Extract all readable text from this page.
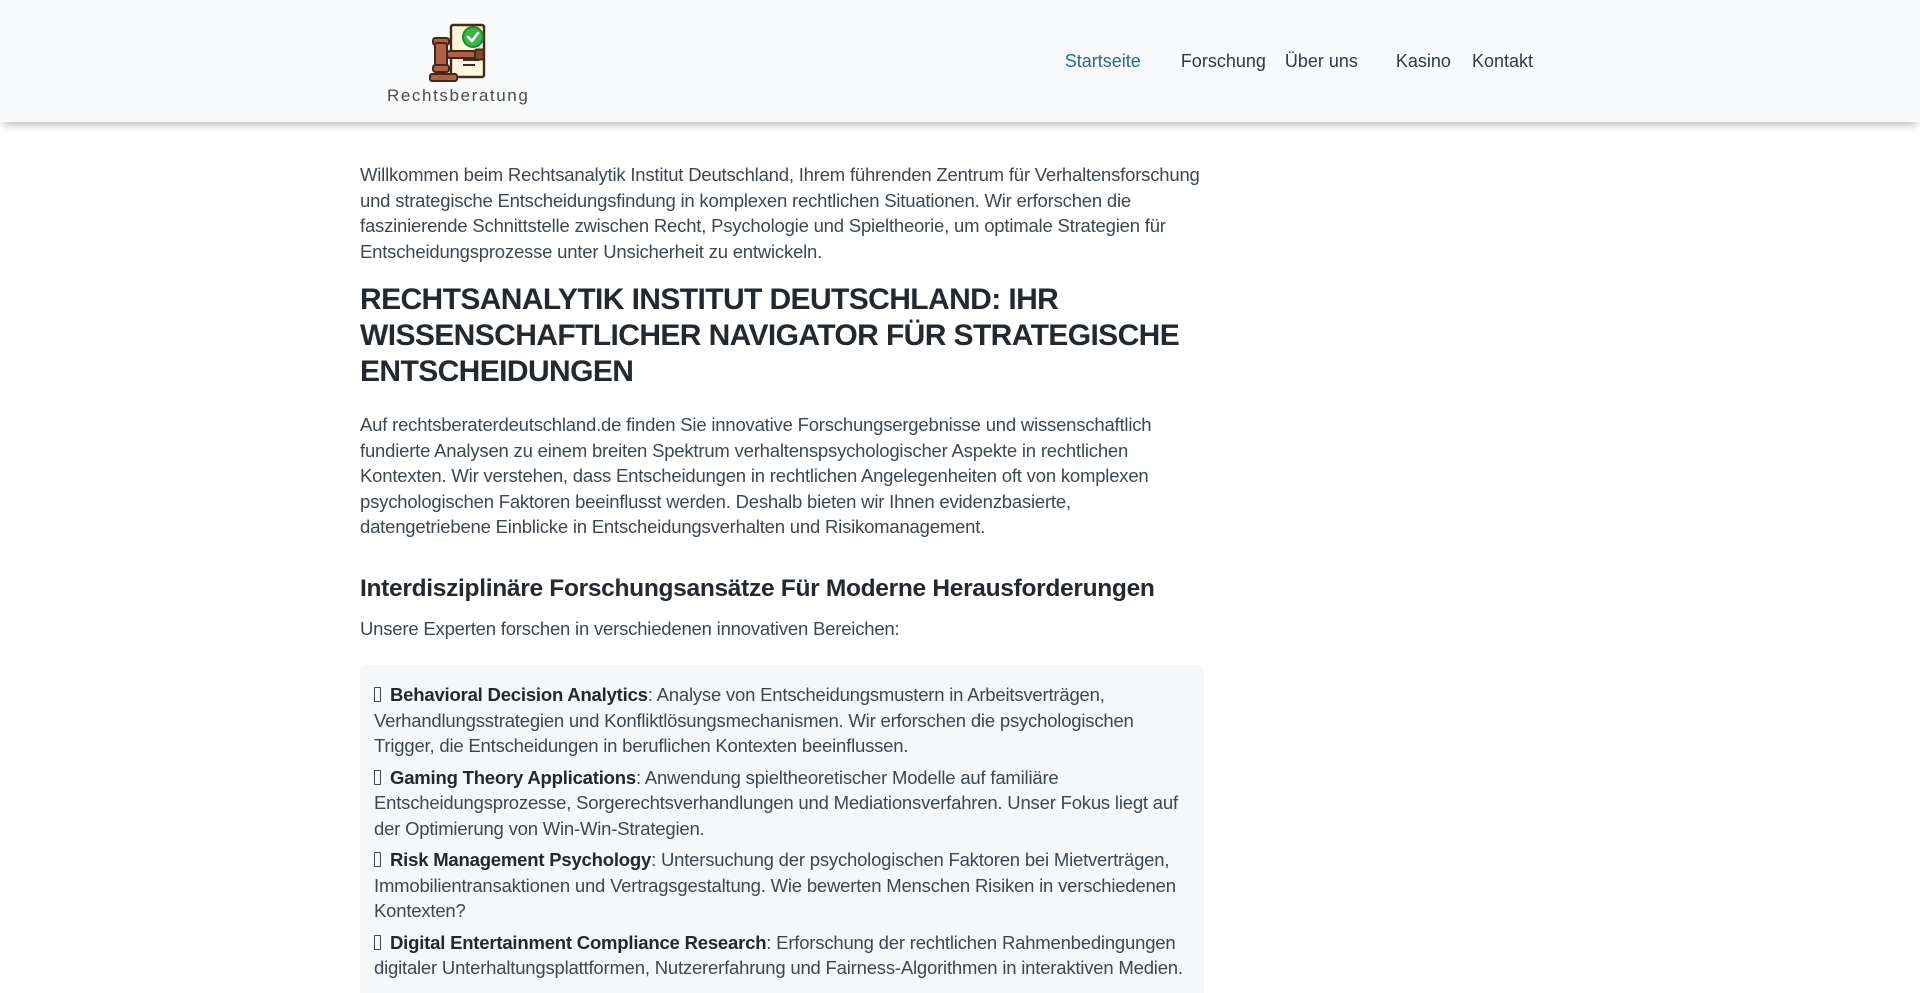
Rechtsberatung
Startseite Forschung Über uns Kasino Kontakt

Willkommen beim Rechtsanalytik Institut Deutschland, Ihrem führenden Zentrum für Verhaltensforschung und strategische Entscheidungsfindung in komplexen rechtlichen Situationen. Wir erforschen die faszinierende Schnittstelle zwischen Recht, Psychologie und Spieltheorie, um optimale Strategien für Entscheidungsprozesse unter Unsicherheit zu entwickeln.

RECHTSANALYTIK INSTITUT DEUTSCHLAND: IHR WISSENSCHAFTLICHER NAVIGATOR FÜR STRATEGISCHE ENTSCHEIDUNGEN

Auf rechtsberaterdeutschland.de finden Sie innovative Forschungsergebnisse und wissenschaftlich fundierte Analysen zu einem breiten Spektrum verhaltenspsychologischer Aspekte in rechtlichen Kontexten. Wir verstehen, dass Entscheidungen in rechtlichen Angelegenheiten oft von komplexen psychologischen Faktoren beeinflusst werden. Deshalb bieten wir Ihnen evidenzbasierte, datengetriebene Einblicke in Entscheidungsverhalten und Risikomanagement.

Interdisziplinäre Forschungsansätze Für Moderne Herausforderungen

Unsere Experten forschen in verschiedenen innovativen Bereichen:

Behavioral Decision Analytics: Analyse von Entscheidungsmustern in Arbeitsverträgen, Verhandlungsstrategien und Konfliktlösungsmechanismen. Wir erforschen die psychologischen Trigger, die Entscheidungen in beruflichen Kontexten beeinflussen.
Gaming Theory Applications: Anwendung spieltheoretischer Modelle auf familiäre Entscheidungsprozesse, Sorgerechtsverhandlungen und Mediationsverfahren. Unser Fokus liegt auf der Optimierung von Win-Win-Strategien.
Risk Management Psychology: Untersuchung der psychologischen Faktoren bei Mietverträgen, Immobilientransaktionen und Vertragsgestaltung. Wie bewerten Menschen Risiken in verschiedenen Kontexten?
Digital Entertainment Compliance Research: Erforschung der rechtlichen Rahmenbedingungen digitaler Unterhaltungsplattformen, Nutzererfahrung und Fairness-Algorithmen in interaktiven Medien.
